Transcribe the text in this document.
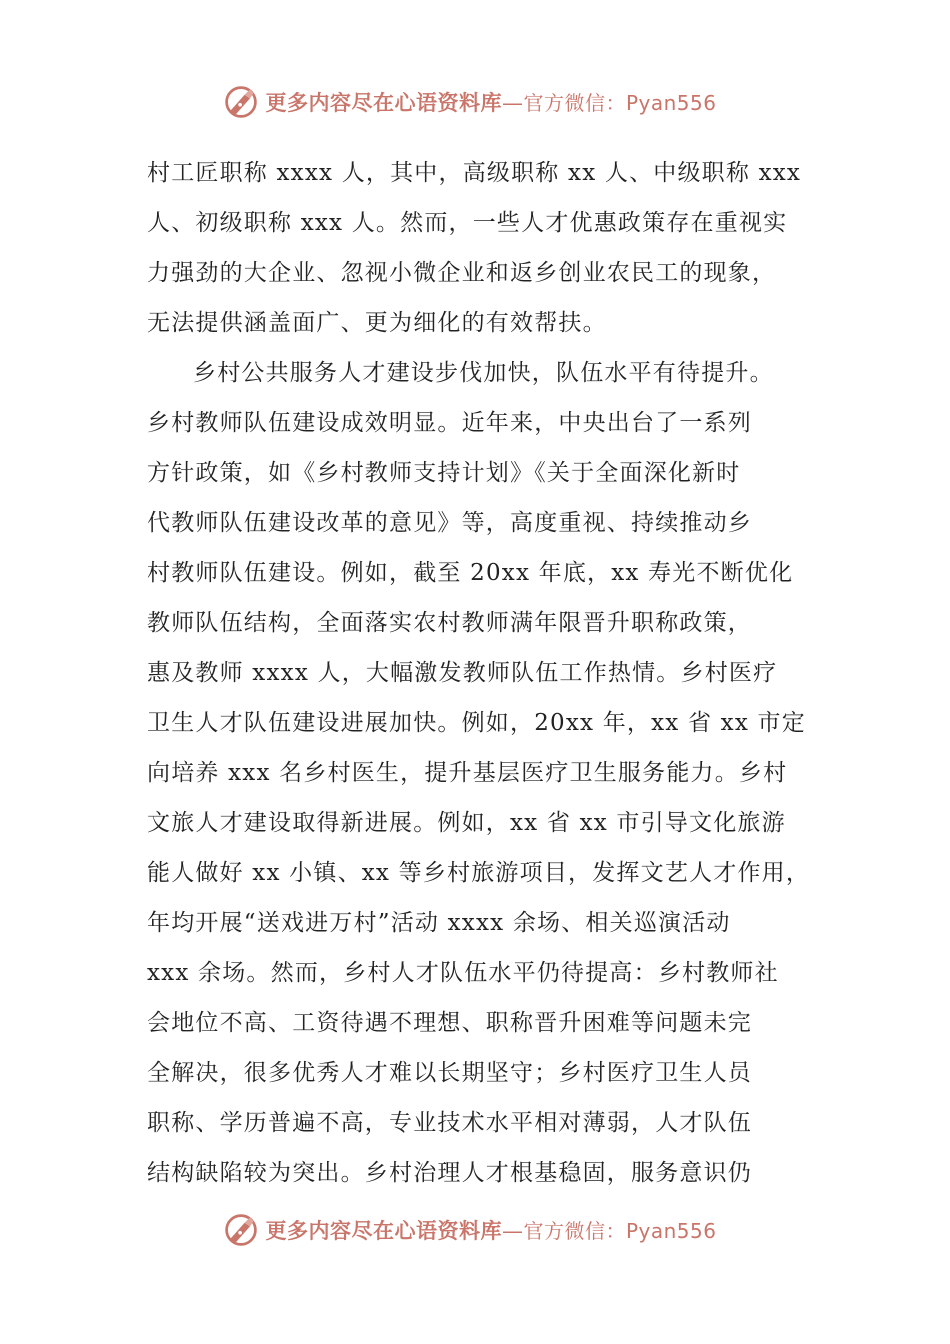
更多内容尽在心语资料库—官方微信：Pyan556
村工匠职称 xxxx 人，其中，高级职称 xx 人、中级职称 xxx
人、初级职称 xxx 人。然而，一些人才优惠政策存在重视实
力强劲的大企业、忽视小微企业和返乡创业农民工的现象，
无法提供涵盖面广、更为细化的有效帮扶。
乡村公共服务人才建设步伐加快，队伍水平有待提升。
乡村教师队伍建设成效明显。近年来，中央出台了一系列
方针政策，如《乡村教师支持计划》《关于全面深化新时
代教师队伍建设改革的意见》等，高度重视、持续推动乡
村教师队伍建设。例如，截至 20xx 年底，xx 寿光不断优化
教师队伍结构，全面落实农村教师满年限晋升职称政策，
惠及教师 xxxx 人，大幅激发教师队伍工作热情。乡村医疗
卫生人才队伍建设进展加快。例如，20xx 年，xx 省 xx 市定
向培养 xxx 名乡村医生，提升基层医疗卫生服务能力。乡村
文旅人才建设取得新进展。例如，xx 省 xx 市引导文化旅游
能人做好 xx 小镇、xx 等乡村旅游项目，发挥文艺人才作用，
年均开展“送戏进万村”活动 xxxx 余场、相关巡演活动
xxx 余场。然而，乡村人才队伍水平仍待提高：乡村教师社
会地位不高、工资待遇不理想、职称晋升困难等问题未完
全解决，很多优秀人才难以长期坚守；乡村医疗卫生人员
职称、学历普遍不高，专业技术水平相对薄弱，人才队伍
结构缺陷较为突出。乡村治理人才根基稳固，服务意识仍
更多内容尽在心语资料库—官方微信：Pyan556
